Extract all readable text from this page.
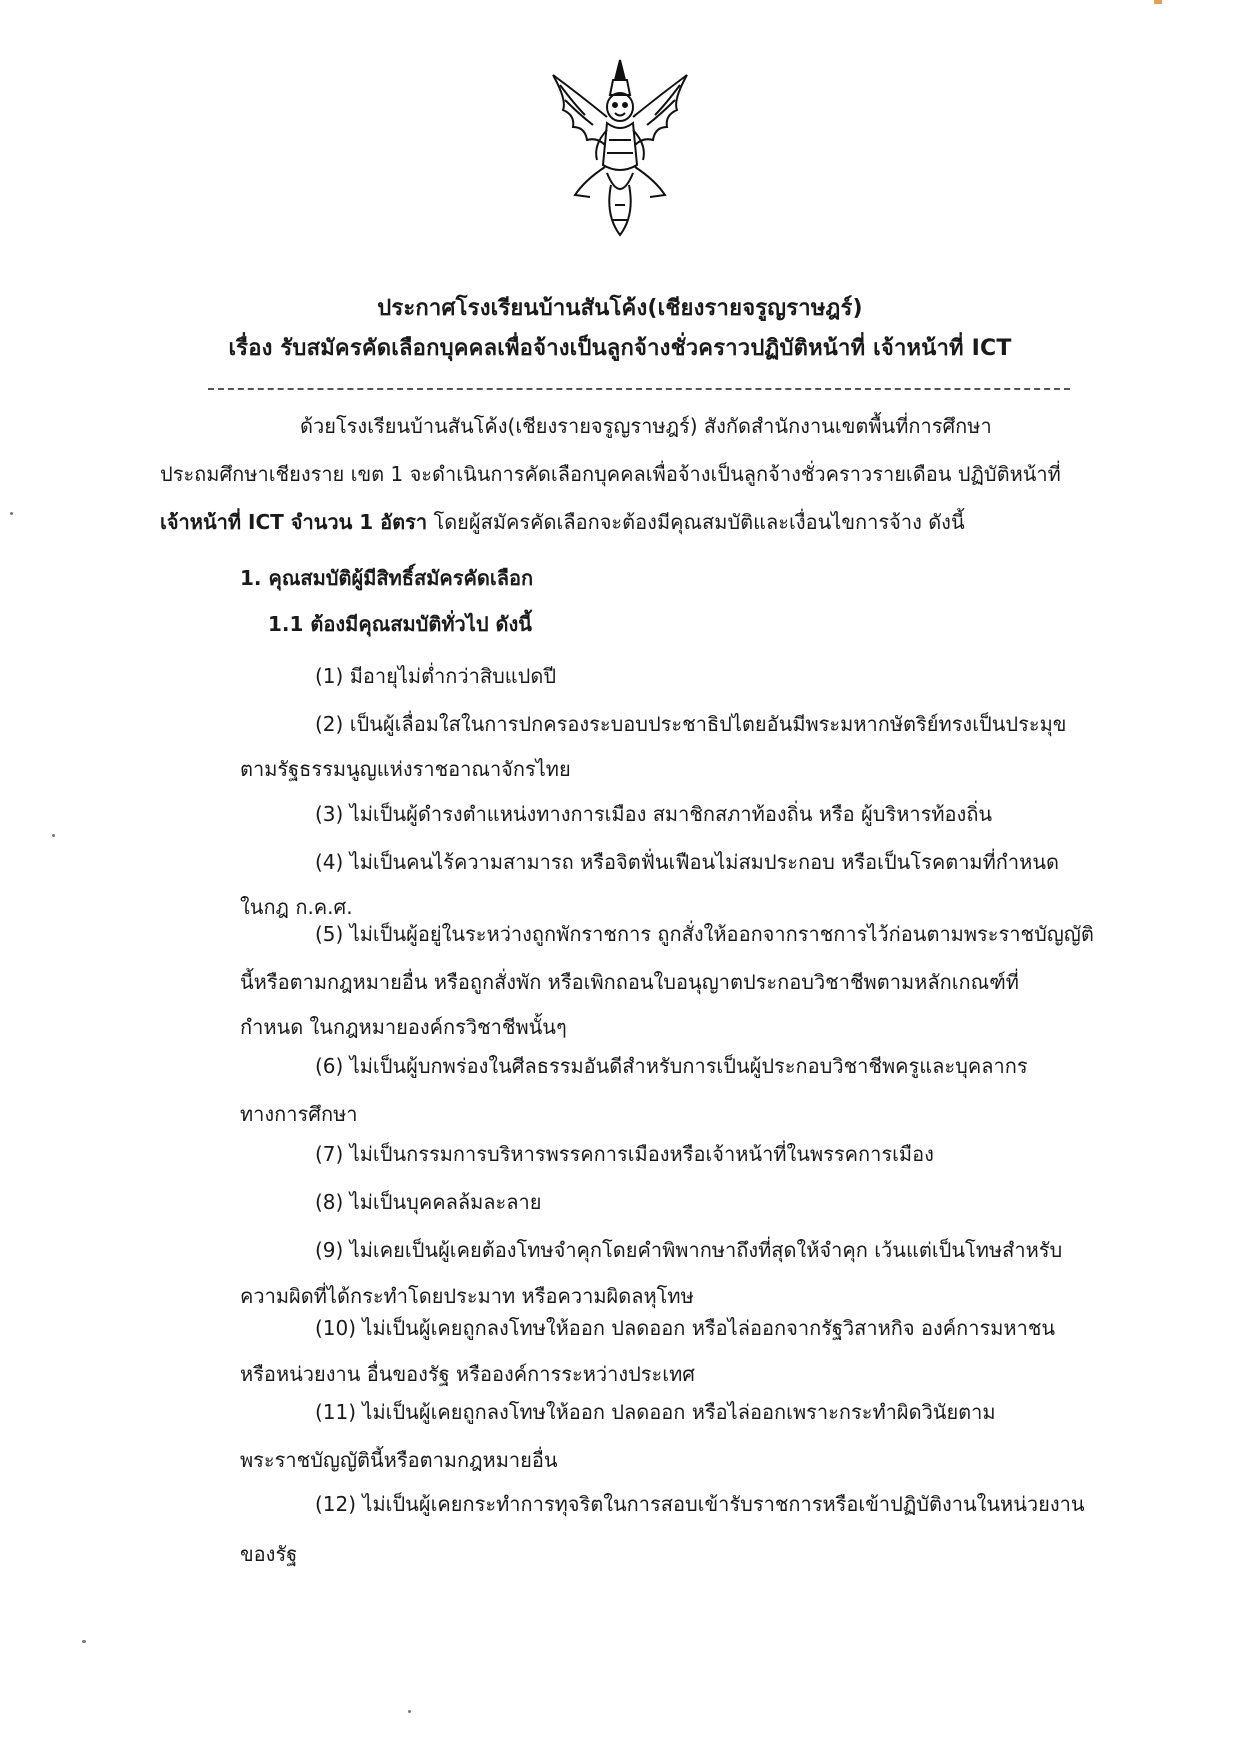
ประกาศโรงเรียนบ้านสันโค้ง(เชียงรายจรูญราษฎร์)
เรื่อง รับสมัครคัดเลือกบุคคลเพื่อจ้างเป็นลูกจ้างชั่วคราวปฏิบัติหน้าที่ เจ้าหน้าที่ ICT
ด้วยโรงเรียนบ้านสันโค้ง(เชียงรายจรูญราษฎร์) สังกัดสำนักงานเขตพื้นที่การศึกษา
ประถมศึกษาเชียงราย เขต 1 จะดำเนินการคัดเลือกบุคคลเพื่อจ้างเป็นลูกจ้างชั่วคราวรายเดือน ปฏิบัติหน้าที่
เจ้าหน้าที่ ICT จำนวน 1 อัตรา โดยผู้สมัครคัดเลือกจะต้องมีคุณสมบัติและเงื่อนไขการจ้าง ดังนี้
1. คุณสมบัติผู้มีสิทธิ์สมัครคัดเลือก
1.1 ต้องมีคุณสมบัติทั่วไป ดังนี้
(1) มีอายุไม่ต่ำกว่าสิบแปดปี
(2) เป็นผู้เลื่อมใสในการปกครองระบอบประชาธิปไตยอันมีพระมหากษัตริย์ทรงเป็นประมุข
ตามรัฐธรรมนูญแห่งราชอาณาจักรไทย
(3) ไม่เป็นผู้ดำรงตำแหน่งทางการเมือง สมาชิกสภาท้องถิ่น หรือ ผู้บริหารท้องถิ่น
(4) ไม่เป็นคนไร้ความสามารถ หรือจิตฟั่นเฟือนไม่สมประกอบ หรือเป็นโรคตามที่กำหนด
ในกฎ ก.ค.ศ.
(5) ไม่เป็นผู้อยู่ในระหว่างถูกพักราชการ ถูกสั่งให้ออกจากราชการไว้ก่อนตามพระราชบัญญัติ
นี้หรือตามกฎหมายอื่น หรือถูกสั่งพัก หรือเพิกถอนใบอนุญาตประกอบวิชาชีพตามหลักเกณฑ์ที่
กำหนด ในกฎหมายองค์กรวิชาชีพนั้นๆ
(6) ไม่เป็นผู้บกพร่องในศีลธรรมอันดีสำหรับการเป็นผู้ประกอบวิชาชีพครูและบุคลากร
ทางการศึกษา
(7) ไม่เป็นกรรมการบริหารพรรคการเมืองหรือเจ้าหน้าที่ในพรรคการเมือง
(8) ไม่เป็นบุคคลล้มละลาย
(9) ไม่เคยเป็นผู้เคยต้องโทษจำคุกโดยคำพิพากษาถึงที่สุดให้จำคุก เว้นแต่เป็นโทษสำหรับ
ความผิดที่ได้กระทำโดยประมาท หรือความผิดลหุโทษ
(10) ไม่เป็นผู้เคยถูกลงโทษให้ออก ปลดออก หรือไล่ออกจากรัฐวิสาหกิจ องค์การมหาชน
หรือหน่วยงาน อื่นของรัฐ หรือองค์การระหว่างประเทศ
(11) ไม่เป็นผู้เคยถูกลงโทษให้ออก ปลดออก หรือไล่ออกเพราะกระทำผิดวินัยตาม
พระราชบัญญัตินี้หรือตามกฎหมายอื่น
(12) ไม่เป็นผู้เคยกระทำการทุจริตในการสอบเข้ารับราชการหรือเข้าปฏิบัติงานในหน่วยงาน
ของรัฐ
